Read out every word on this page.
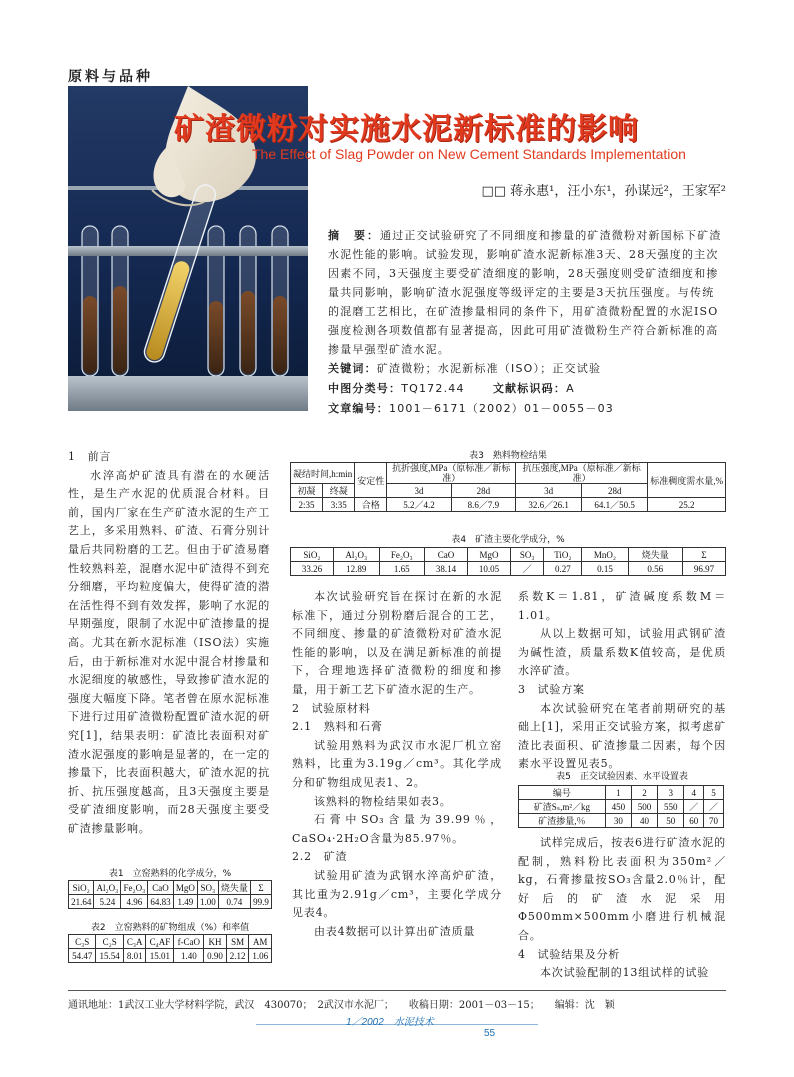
原料与品种
矿渣微粉对实施水泥新标准的影响
The Effect of Slag Powder on New Cement Standards Implementation
□□ 蒋永惠¹，汪小东¹，孙谋远²，王家军²
摘　要：通过正交试验研究了不同细度和掺量的矿渣微粉对新国标下矿渣水泥性能的影响。试验发现，影响矿渣水泥新标准3天、28天强度的主次因素不同，3天强度主要受矿渣细度的影响，28天强度则受矿渣细度和掺量共同影响，影响矿渣水泥强度等级评定的主要是3天抗压强度。与传统的混磨工艺相比，在矿渣掺量相同的条件下，用矿渣微粉配置的水泥ISO强度检测各项数值都有显著提高，因此可用矿渣微粉生产符合新标准的高掺量早强型矿渣水泥。
关键词：矿渣微粉；水泥新标准（ISO）；正交试验
中图分类号：TQ172.44	文献标识码：A
文章编号：1001－6171（2002）01－0055－03
1　前言

水淬高炉矿渣具有潜在的水硬活性，是生产水泥的优质混合材料。目前，国内厂家在生产矿渣水泥的生产工艺上，多采用熟料、矿渣、石膏分别计量后共同粉磨的工艺。但由于矿渣易磨性较熟料差，混磨水泥中矿渣得不到充分细磨，平均粒度偏大，使得矿渣的潜在活性得不到有效发挥，影响了水泥的早期强度，限制了水泥中矿渣掺量的提高。尤其在新水泥标准（ISO法）实施后，由于新标准对水泥中混合材掺量和水泥细度的敏感性，导致掺矿渣水泥的强度大幅度下降。笔者曾在原水泥标准下进行过用矿渣微粉配置矿渣水泥的研究[1]，结果表明：矿渣比表面积对矿渣水泥强度的影响是显著的，在一定的掺量下，比表面积越大，矿渣水泥的抗折、抗压强度越高，且3天强度主要是受矿渣细度影响，而28天强度主要受矿渣掺量影响。

表1　立窑熟料的化学成分，%
SiO₂	Al₂O₃	Fe₂O₃	CaO	MgO	SO₃	烧失量	Σ
21.64	5.24	4.96	64.83	1.49	1.00	0.74	99.9
表2　立窑熟料的矿物组成（%）和率值
C₃S	C₂S	C₃A	C₄AF	f-CaO	KH	SM	AM
54.47	15.54	8.01	15.01	1.40	0.90	2.12	1.06
表3　熟料物检结果
凝结时间,h:min		安定性	抗折强度,MPa（原标准／新标准）		抗压强度,MPa（原标准／新标准）		标准稠度需水量,%
初凝	终凝		3d	28d	3d	28d	
2:35	3:35	合格	5.2／4.2	8.6／7.9	32.6／26.1	64.1／50.5	25.2
表4　矿渣主要化学成分，%
SiO₂	Al₂O₃	Fe₂O₃	CaO	MgO	SO₃	TiO₂	MnO₂	烧失量	Σ
33.26	12.89	1.65	38.14	10.05	／	0.27	0.15	0.56	96.97

本次试验研究旨在探讨在新的水泥标准下，通过分别粉磨后混合的工艺，不同细度、掺量的矿渣微粉对矿渣水泥性能的影响，以及在满足新标准的前提下，合理地选择矿渣微粉的细度和掺量，用于新工艺下矿渣水泥的生产。

2　试验原材料
2.1　熟料和石膏

试验用熟料为武汉市水泥厂机立窑熟料，比重为3.19g／cm³。其化学成分和矿物组成见表1、2。

该熟料的物检结果如表3。

石膏中SO₃含量为39.99％，CaSO₄·2H₂O含量为85.97％。

2.2　矿渣

试验用矿渣为武钢水淬高炉矿渣，其比重为2.91g／cm³，主要化学成分见表4。

由表4数据可以计算出矿渣质量

系数K＝1.81，矿渣碱度系数M＝1.01。

从以上数据可知，试验用武钢矿渣为碱性渣，质量系数K值较高，是优质水淬矿渣。

3　试验方案

本次试验研究在笔者前期研究的基础上[1]，采用正交试验方案，拟考虑矿渣比表面积、矿渣掺量二因素，每个因素水平设置见表5。

表5　正交试验因素、水平设置表
编号	1	2	3	4	5
矿渣Sₛ,m²／kg	450	500	550	／	／
矿渣掺量,％	30	40	50	60	70

试样完成后，按表6进行矿渣水泥的配制，熟料粉比表面积为350m²／kg，石膏掺量按SO₃含量2.0％计，配好后的矿渣水泥采用Φ500mm×500mm小磨进行机械混合。

4　试验结果及分析

本次试验配制的13组试样的试验

通讯地址：1武汉工业大学材料学院，武汉　430070；　2武汉市水泥厂；　　收稿日期：2001－03－15；　　编辑：沈　颖
1／2002　水泥技术
55
